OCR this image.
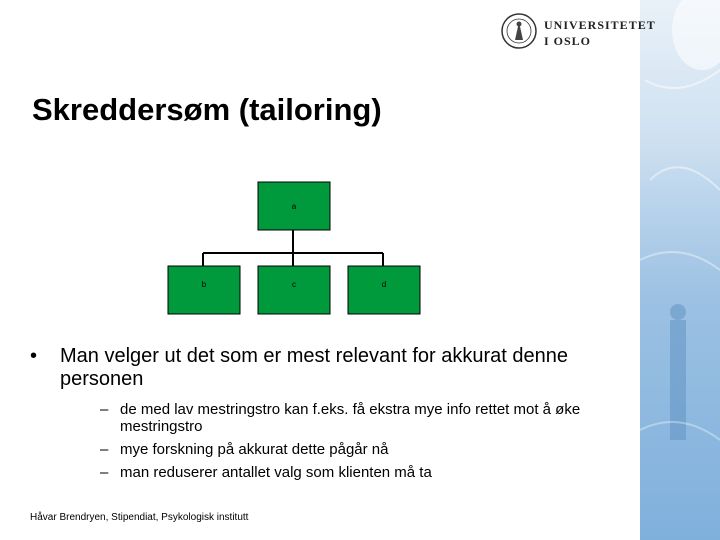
UNIVERSITETET
I OSLO
Skreddersøm (tailoring)
a
b	c	d
• Man velger ut det som er mest relevant for akkurat denne personen
– de med lav mestringstro kan f.eks. få ekstra mye info rettet mot å øke mestringstro
– mye forskning på akkurat dette pågår nå
– man reduserer antallet valg som klienten må ta
Håvar Brendryen, Stipendiat, Psykologisk institutt
